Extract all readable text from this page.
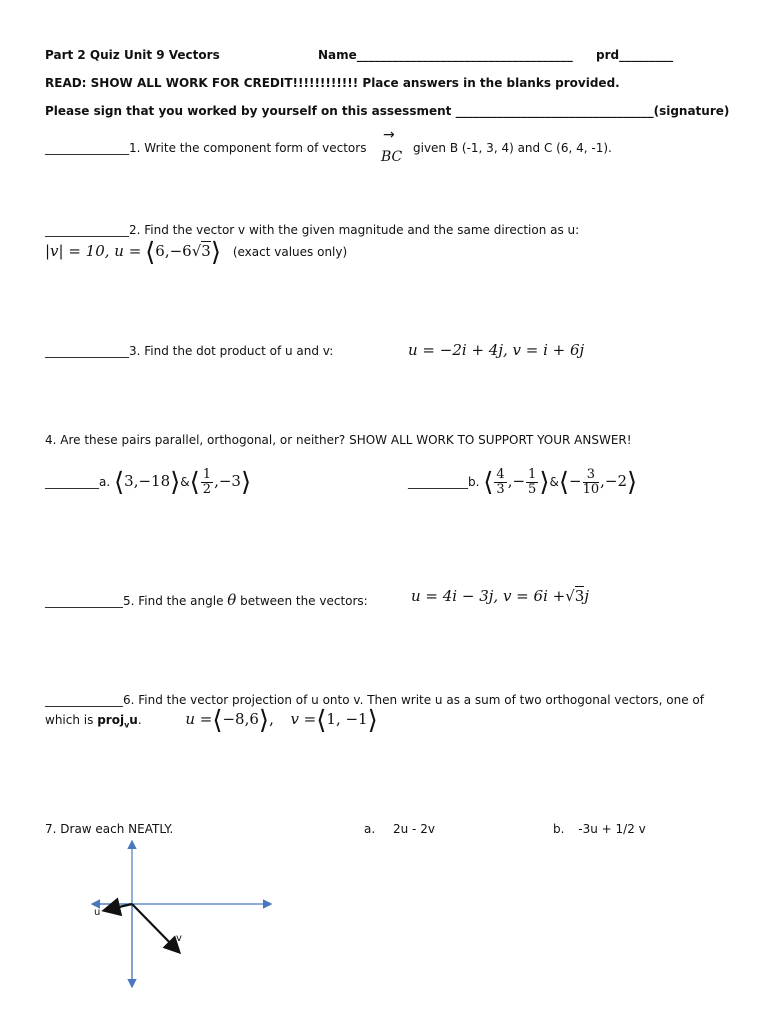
Part 2 Quiz Unit 9 Vectors	Name____________________________________ prd_________
READ: SHOW ALL WORK FOR CREDIT!!!!!!!!!!!! Place answers in the blanks provided.
Please sign that you worked by yourself on this assessment _________________________________(signature)
______________1. Write the component form of vectors
→
BC
given B (-1, 3, 4) and C (6, 4, -1).
______________2. Find the vector v with the given magnitude and the same direction as u:
|v| = 10, u = ⟨6,−6√3⟩ (exact values only)
______________3. Find the dot product of u and v:	u = −2i + 4j, v = i + 6j
4. Are these pairs parallel, orthogonal, or neither? SHOW ALL WORK TO SUPPORT YOUR ANSWER!
_________a. ⟨3,−18⟩&⟨ $\frac{1}{2}$ ,−3⟩	__________b. ⟨ $\frac{4}{3}$ ,− $\frac{1}{5}$ ⟩&⟨− $\frac{3}{10}$ ,−2⟩
_____________5. Find the angle θ between the vectors:	u = 4i − 3j, v = 6i +√3j
_____________6. Find the vector projection of u onto v. Then write u as a sum of two orthogonal vectors, one of
which is proj$_v$u.	u =⟨−8,6⟩,  v =⟨1, −1⟩
7. Draw each NEATLY.	a. 2u - 2v	b. -3u + 1/2 v
u
v
